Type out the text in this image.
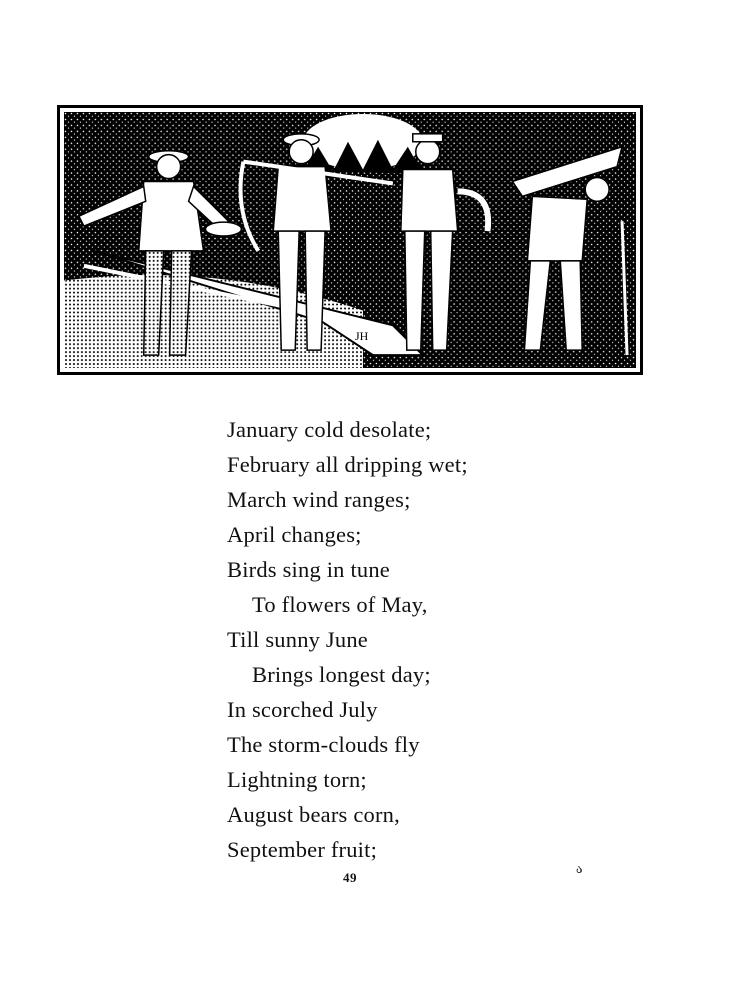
JH
January cold desolate;
February all dripping wet;
March wind ranges;
April changes;
Birds sing in tune
To flowers of May,
Till sunny June
Brings longest day;
In scorched July
The storm-clouds fly
Lightning torn;
August bears corn,
September fruit;
49
ა
